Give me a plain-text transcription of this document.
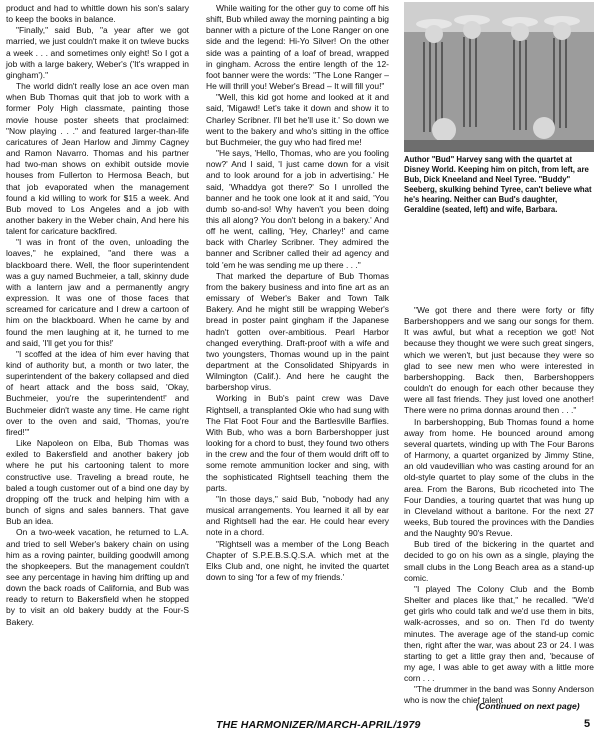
product and had to whittle down his son's salary to keep the books in balance.

"Finally," said Bub, "a year after we got married, we just couldn't make it on twleve bucks a week . . . and sometimes only eight! So I got a job with a large bakery, Weber's ('It's wrapped in gingham')."

The world didn't really lose an ace oven man when Bub Thomas quit that job to work with a former Poly High classmate, painting those movie house poster sheets that proclaimed: "Now playing . . ." and featured larger-than-life caricatures of Jean Harlow and Jimmy Cagney and Ramon Navarro. Thomas and his partner had two-man shows on exhibit outside movie houses from Fullerton to Hermosa Beach, but that job evaporated when the management found a kid willing to work for $15 a week. And Bub moved to Los Angeles and a job with another bakery in the Weber chain, And here his talent for caricature backfired.

"I was in front of the oven, unloading the loaves," he explained, "and there was a blackboard there. Well, the floor superintendent was a guy named Buchmeier, a tall, skinny dude with a lantern jaw and a permanently angry expression. It was one of those faces that screamed for caricature and I drew a cartoon of him on the blackboard. When he came by and found the men laughing at it, he turned to me and said, 'I'll get you for this!'

"I scoffed at the idea of him ever having that kind of authority but, a month or two later, the superintendent of the bakery collapsed and died of heart attack and the boss said, 'Okay, Buchmeier, you're the superintendent!' and Buchmeier didn't waste any time. He came right over to the oven and said, 'Thomas, you're fired!'"

Like Napoleon on Elba, Bub Thomas was exiled to Bakersfield and another bakery job where he put his cartooning talent to more constructive use. Traveling a bread route, he baled a tough customer out of a bind one day by dropping off the truck and helping him with a bunch of signs and sales banners. That gave Bub an idea.

On a two-week vacation, he returned to L.A. and tried to sell Weber's bakery chain on using him as a roving painter, building goodwill among the shopkeepers. But the management couldn't see any percentage in having him drifting up and down the back roads of California, and Bub was ready to return to Bakersfield when he stopped by to visit an old bakery buddy at the Four-S Bakery.

While waiting for the other guy to come off his shift, Bub whiled away the morning painting a big banner with a picture of the Lone Ranger on one side and the legend: Hi-Yo Silver! On the other side was a painting of a loaf of bread, wrapped in gingham. Across the entire length of the 12-foot banner were the words: "The Lone Ranger – He will thrill you! Weber's Bread – It will fill you!"

"Well, this kid got home and looked at it and said, 'Migawd! Let's take it down and show it to Charley Scribner. I'll bet he'll use it.' So down we went to the bakery and who's sitting in the office but Buchmeier, the guy who had fired me!

"He says, 'Hello, Thomas, who are you fooling now?' And I said, 'I just came down for a visit and to look around for a job in advertising.' He said, 'Whaddya got there?' So I unrolled the banner and he took one look at it and said, 'You dumb so-and-so! Why haven't you been doing this all along? You don't belong in a bakery.' And off he went, calling, 'Hey, Charley!' and came back with Charley Scribner. They admired the banner and Scribner called their ad agency and told 'em he was sending me up there . . ."

That marked the departure of Bub Thomas from the bakery business and into fine art as an emissary of Weber's Baker and Town Talk Bakery. And he might still be wrapping Weber's bread in poster paint gingham if the Japanese hadn't gotten over-ambitious. Pearl Harbor changed everything. Draft-proof with a wife and two youngsters, Thomas wound up in the paint department at the Consolidated Shipyards in Wilmington (Calif.). And here he caught the barbershop virus.

Working in Bub's paint crew was Dave Rightsell, a transplanted Okie who had sung with The Flat Foot Four and the Bartlesville Barflies. With Bub, who was a born Barbershopper just looking for a chord to bust, they found two others in the crew and the four of them would drift off to some remote ammunition locker and sing, with the sophisticated Rightsell teaching them the parts.

"In those days," said Bub, "nobody had any musical arrangements. You learned it all by ear and Rightsell had the ear. He could hear every note in a chord.

"Rightsell was a member of the Long Beach Chapter of S.P.E.B.S.Q.S.A. which met at the Elks Club and, one night, he invited the quartet down to sing 'for a few of my friends.'

Author "Bud" Harvey sang with the quartet at Disney World. Keeping him on pitch, from left, are Bub, Dick Kneeland and Neel Tyree. "Buddy" Seeberg, skulking behind Tyree, can't believe what he's hearing. Neither can Bud's daughter, Geraldine (seated, left) and wife, Barbara.

"We got there and there were forty or fifty Barbershoppers and we sang our songs for them. It was awful, but what a reception we got! Not because they thought we were such great singers, which we weren't, but just because they were so glad to see new men who were interested in barbershopping. Back then, Barbershoppers couldn't do enough for each other because they were all fast friends. They just loved one another! There were no prima donnas around then . . ."

In barbershopping, Bub Thomas found a home away from home. He bounced around among several quartets, winding up with The Four Barons of Harmony, a quartet organized by Jimmy Stine, an old vaudevillian who was casting around for an old-style quartet to play some of the clubs in the area. From the Barons, Bub ricocheted into The Four Dandies, a touring quartet that was hung up in Cleveland without a baritone. For the next 27 weeks, Bub toured the provinces with the Dandies and the Naughty 90's Revue.

Bub tired of the bickering in the quartet and decided to go on his own as a single, playing the small clubs in the Long Beach area as a stand-up comic.

"I played The Colony Club and the Bomb Shelter and places like that," he recalled. "We'd get girls who could talk and we'd use them in bits, walk-acrosses, and so on. Then I'd do twenty minutes. The average age of the stand-up comic then, right after the war, was about 23 or 24. I was starting to get a little gray then and, 'because of my age, I was able to get away with a little more corn . . .

"The drummer in the band was Sonny Anderson who is now the chief talent

(Continued on next page)
THE HARMONIZER/MARCH-APRIL/1979	5
